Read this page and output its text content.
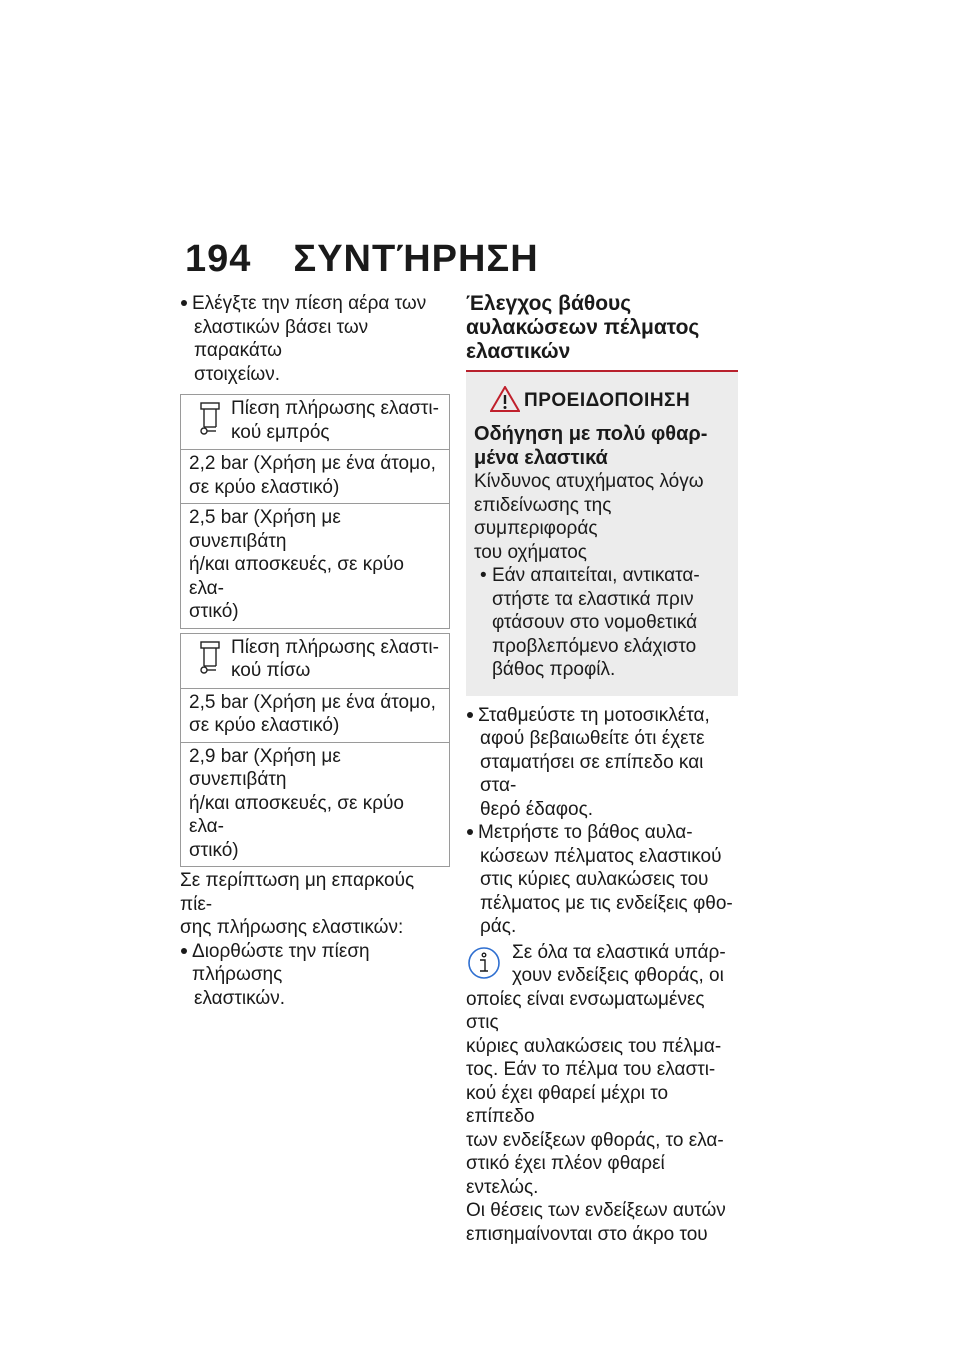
194 ΣΥΝΤΉΡΗΣΗ
Ελέγξτε την πίεση αέρα των
ελαστικών βάσει των παρακάτω
στοιχείων.
Πίεση πλήρωσης ελαστι-
κού εμπρός
2,2 bar (Χρήση με ένα άτομο,
σε κρύο ελαστικό)
2,5 bar (Χρήση με συνεπιβάτη
ή/και αποσκευές, σε κρύο ελα-
στικό)
Πίεση πλήρωσης ελαστι-
κού πίσω
2,5 bar (Χρήση με ένα άτομο,
σε κρύο ελαστικό)
2,9 bar (Χρήση με συνεπιβάτη
ή/και αποσκευές, σε κρύο ελα-
στικό)
Σε περίπτωση μη επαρκούς πίε-
σης πλήρωσης ελαστικών:
Διορθώστε την πίεση πλήρωσης
ελαστικών.
Έλεγχος βάθους
αυλακώσεων πέλματος
ελαστικών
ΠΡΟΕΙΔΟΠΟΙΗΣΗ
Οδήγηση με πολύ φθαρ-
μένα ελαστικά
Κίνδυνος ατυχήματος λόγω
επιδείνωσης της συμπεριφοράς
του οχήματος
• Εάν απαιτείται, αντικατα-
στήστε τα ελαστικά πριν
φτάσουν στο νομοθετικά
προβλεπόμενο ελάχιστο
βάθος προφίλ.
Σταθμεύστε τη μοτοσικλέτα,
αφού βεβαιωθείτε ότι έχετε
σταματήσει σε επίπεδο και στα-
θερό έδαφος.
Μετρήστε το βάθος αυλα-
κώσεων πέλματος ελαστικού
στις κύριες αυλακώσεις του
πέλματος με τις ενδείξεις φθο-
ράς.
Σε όλα τα ελαστικά υπάρ-
χουν ενδείξεις φθοράς, οι
οποίες είναι ενσωματωμένες στις
κύριες αυλακώσεις του πέλμα-
τος. Εάν το πέλμα του ελαστι-
κού έχει φθαρεί μέχρι το επίπεδο
των ενδείξεων φθοράς, το ελα-
στικό έχει πλέον φθαρεί εντελώς.
Οι θέσεις των ενδείξεων αυτών
επισημαίνονται στο άκρο του
